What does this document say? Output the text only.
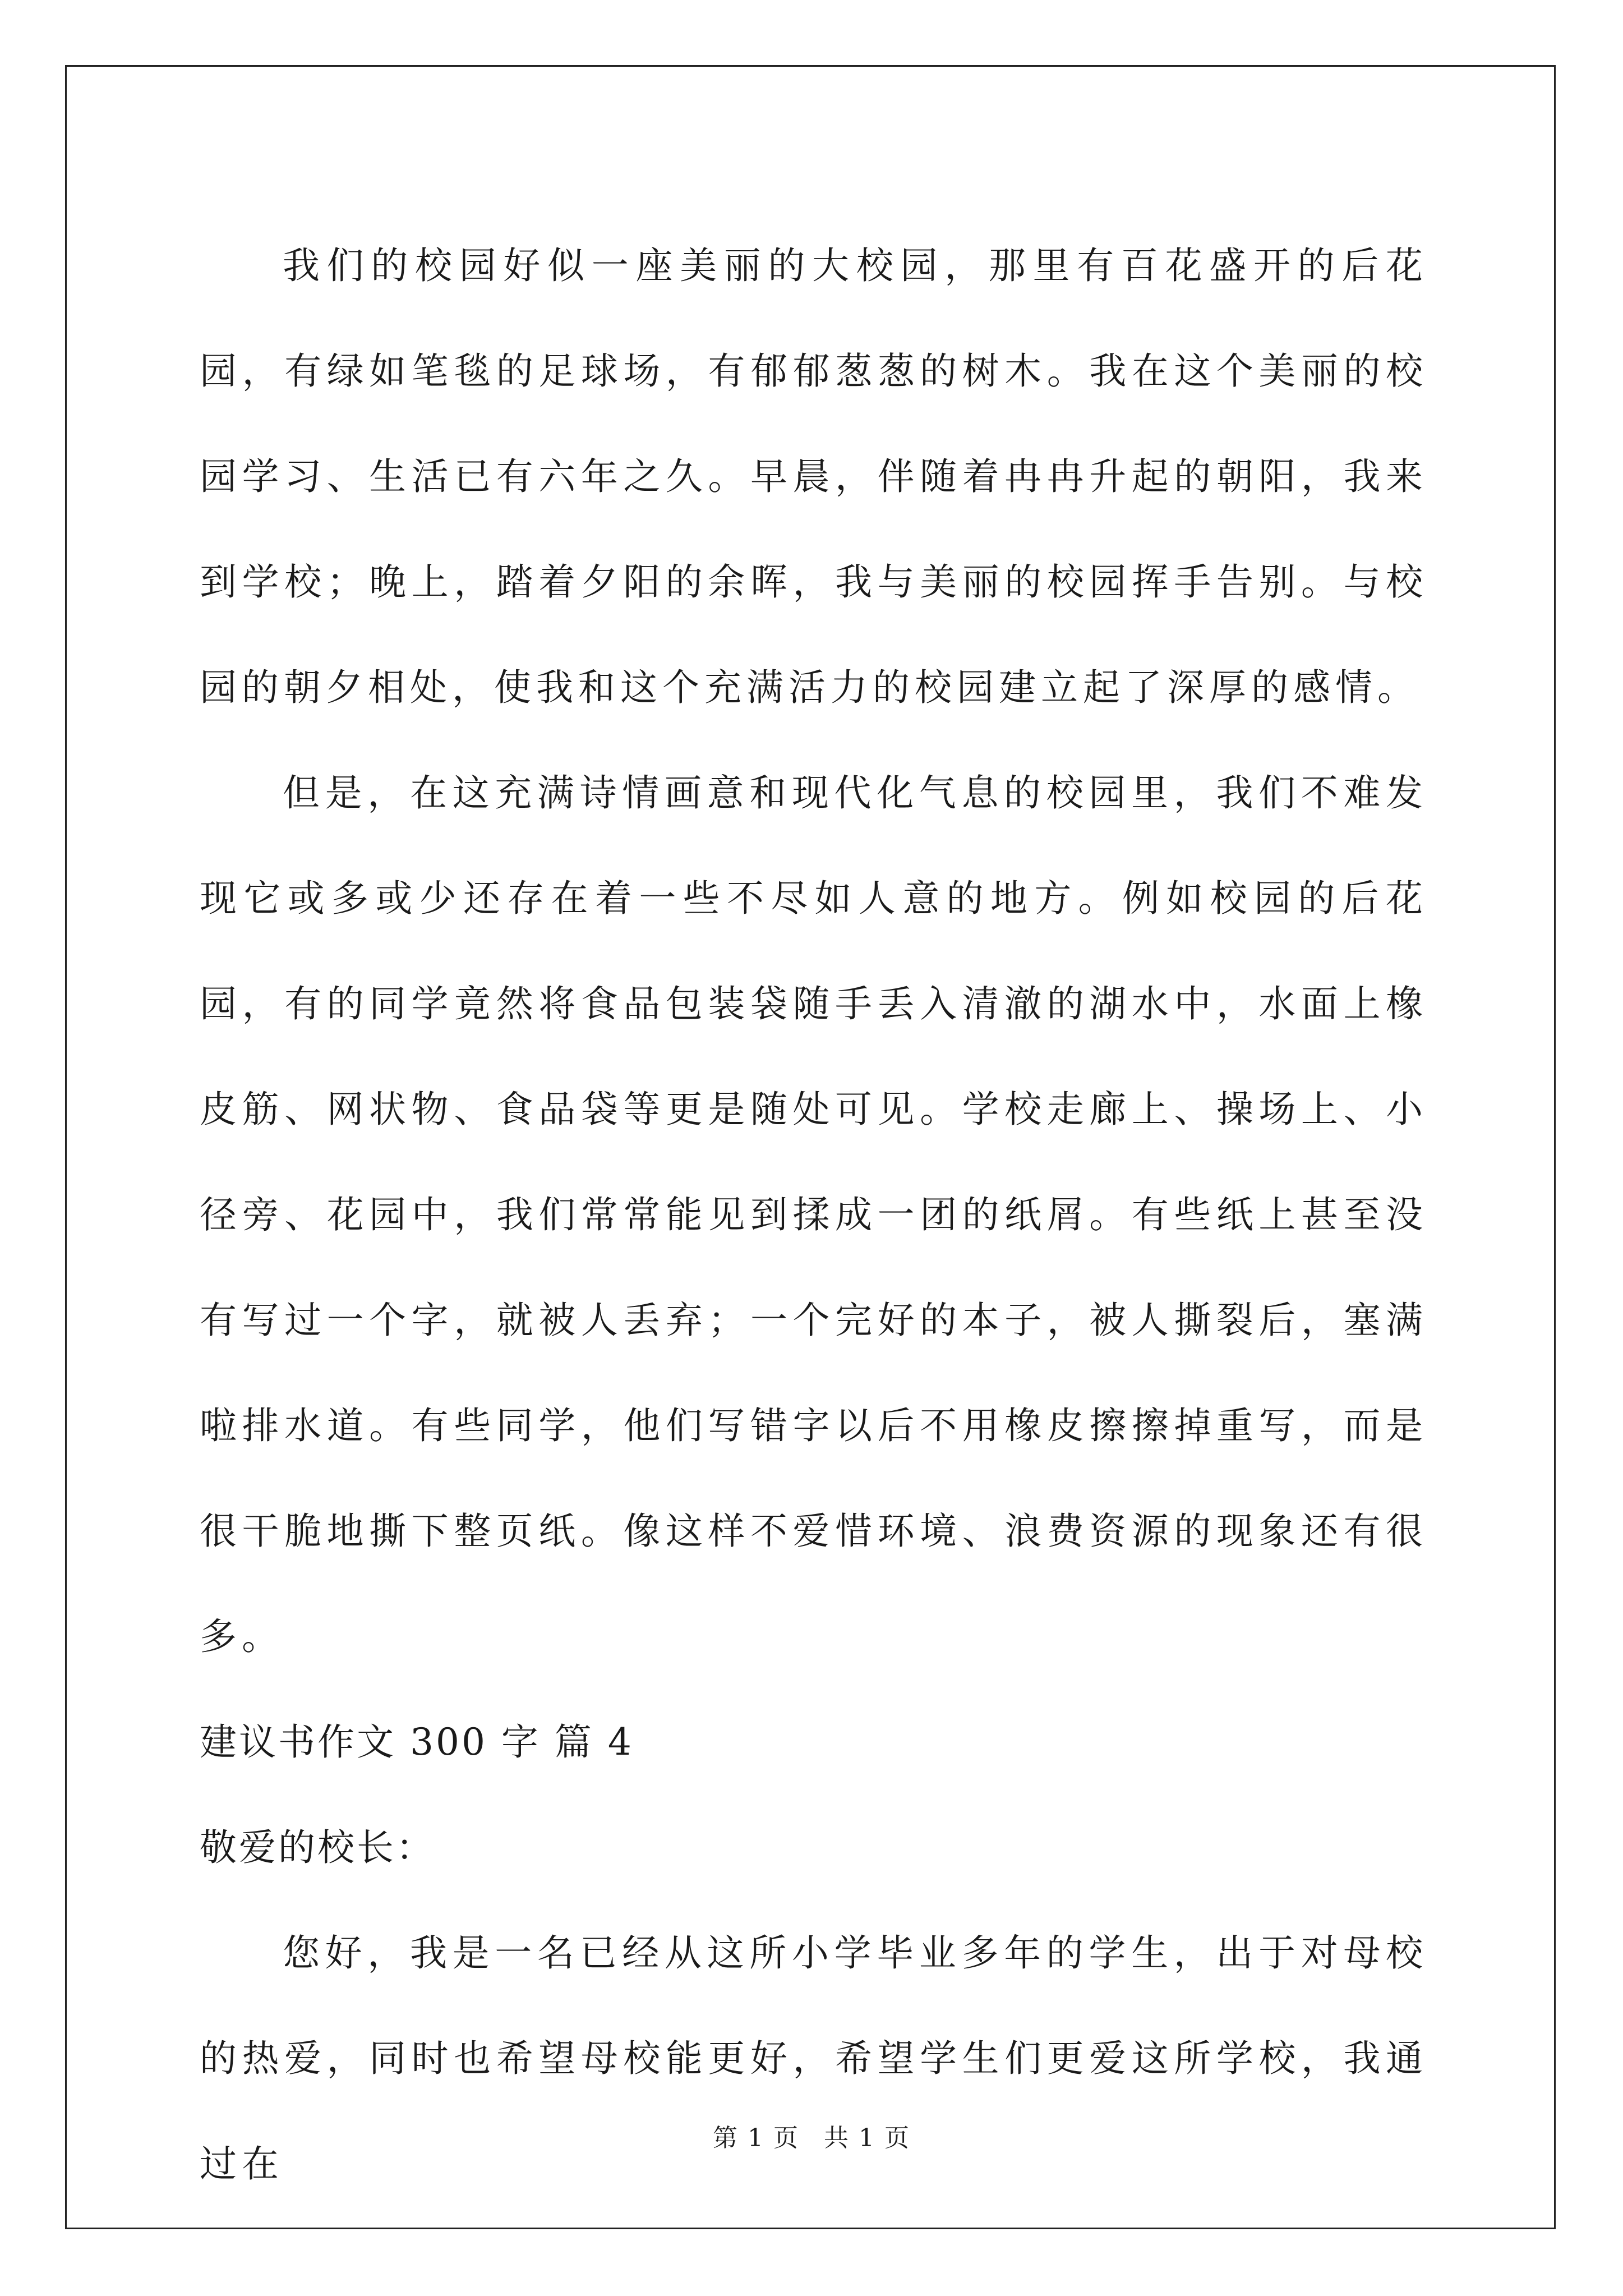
我们的校园好似一座美丽的大校园，那里有百花盛开的后花园，有绿如笔毯的足球场，有郁郁葱葱的树木。我在这个美丽的校园学习、生活已有六年之久。早晨，伴随着冉冉升起的朝阳，我来到学校；晚上，踏着夕阳的余晖，我与美丽的校园挥手告别。与校园的朝夕相处，使我和这个充满活力的校园建立起了深厚的感情。

但是，在这充满诗情画意和现代化气息的校园里，我们不难发现它或多或少还存在着一些不尽如人意的地方。例如校园的后花园，有的同学竟然将食品包装袋随手丢入清澈的湖水中，水面上橡皮筋、网状物、食品袋等更是随处可见。学校走廊上、操场上、小径旁、花园中，我们常常能见到揉成一团的纸屑。有些纸上甚至没有写过一个字，就被人丢弃；一个完好的本子，被人撕裂后，塞满啦排水道。有些同学，他们写错字以后不用橡皮擦擦掉重写，而是很干脆地撕下整页纸。像这样不爱惜环境、浪费资源的现象还有很多。

建议书作文 300 字 篇 4

敬爱的校长：

您好，我是一名已经从这所小学毕业多年的学生，出于对母校的热爱，同时也希望母校能更好，希望学生们更爱这所学校，我通过在

第 1 页 共 1 页
